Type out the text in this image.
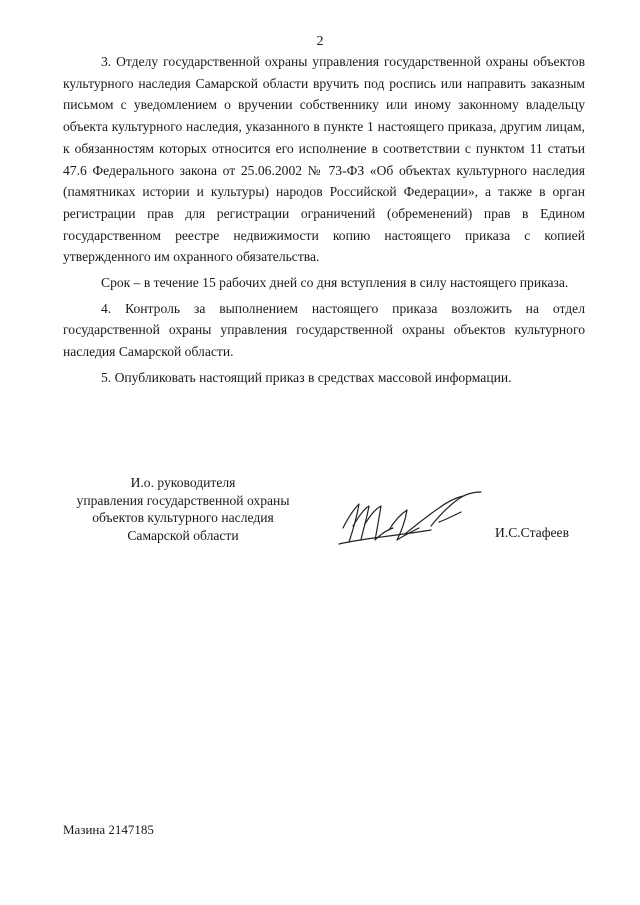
2

3. Отделу государственной охраны управления государственной охраны объектов культурного наследия Самарской области вручить под роспись или направить заказным письмом с уведомлением о вручении собственнику или иному законному владельцу объекта культурного наследия, указанного в пункте 1 настоящего приказа, другим лицам, к обязанностям которых относится его исполнение в соответствии с пунктом 11 статьи 47.6 Федерального закона от 25.06.2002 № 73-ФЗ «Об объектах культурного наследия (памятниках истории и культуры) народов Российской Федерации», а также в орган регистрации прав для регистрации ограничений (обременений) прав в Едином государственном реестре недвижимости копию настоящего приказа с копией утвержденного им охранного обязательства.

Срок – в течение 15 рабочих дней со дня вступления в силу настоящего приказа.

4. Контроль за выполнением настоящего приказа возложить на отдел государственной охраны управления государственной охраны объектов культурного наследия Самарской области.

5. Опубликовать настоящий приказ в средствах массовой информации.

И.о. руководителя
управления государственной охраны
объектов культурного наследия
Самарской области	И.С.Стафеев
Мазина 2147185
